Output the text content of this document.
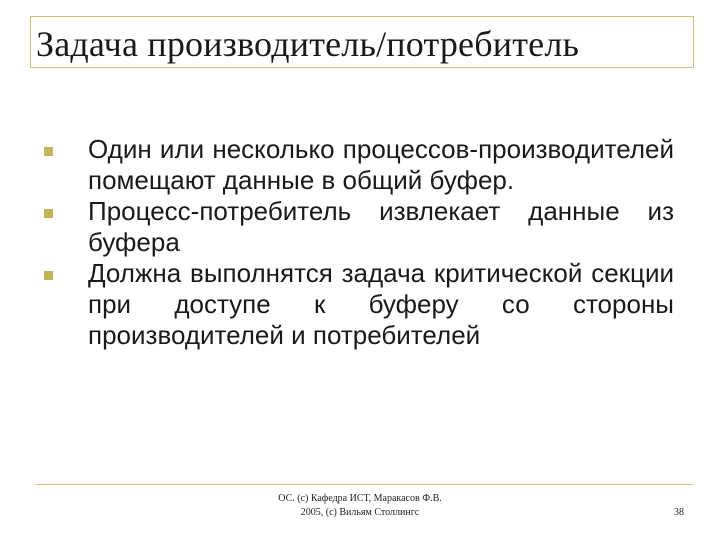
Задача производитель/потребитель
Один или несколько процессов-производителей помещают данные в общий буфер.
Процесс-потребитель извлекает данные из буфера
Должна выполнятся задача критической секции при доступе к буферу со стороны производителей и потребителей
ОС. (c) Кафедра ИСТ, Маракасов Ф.В.
2005, (c) Вильям Столлингс	38
